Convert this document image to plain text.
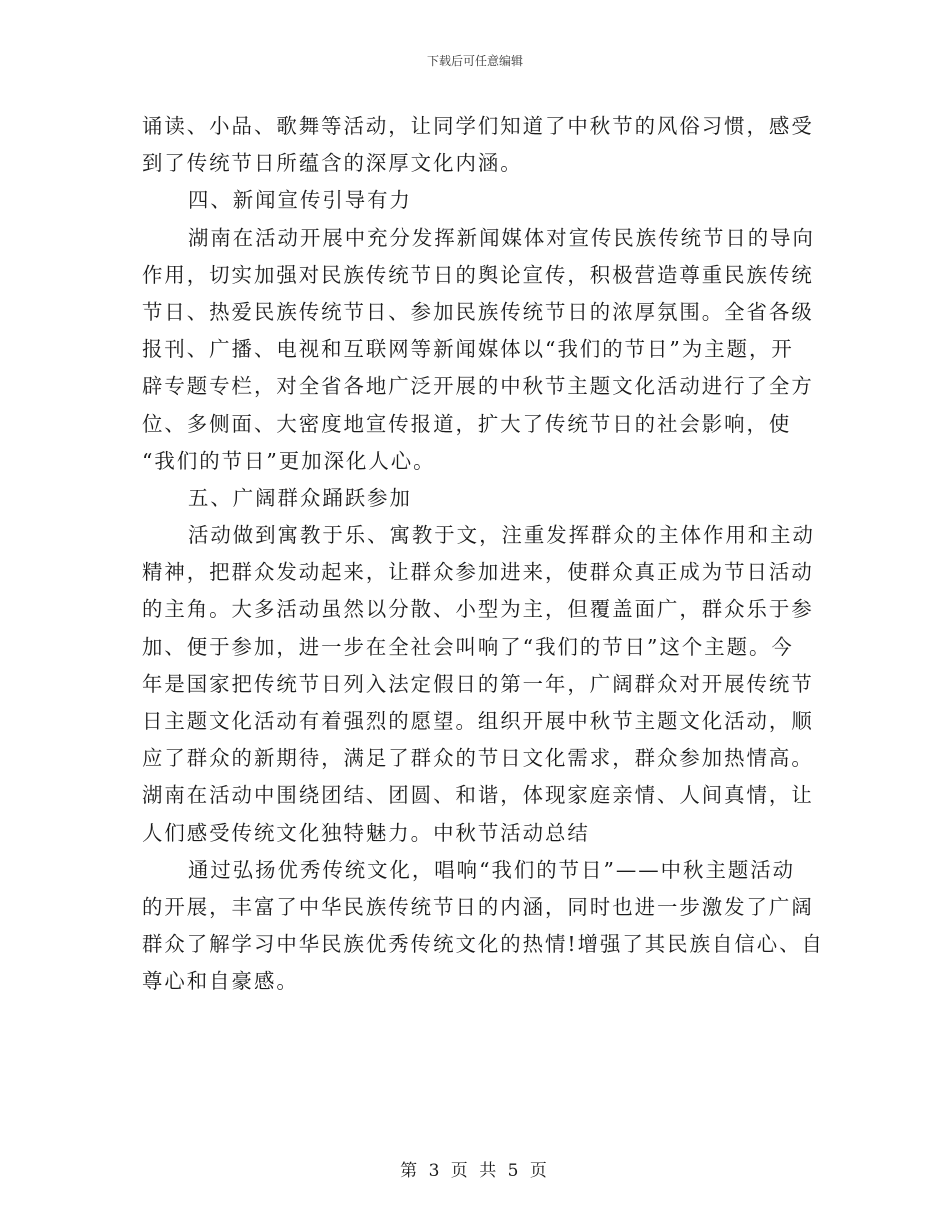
下载后可任意编辑
诵读、小品、歌舞等活动，让同学们知道了中秋节的风俗习惯，感受
到了传统节日所蕴含的深厚文化内涵。
四、新闻宣传引导有力
湖南在活动开展中充分发挥新闻媒体对宣传民族传统节日的导向
作用，切实加强对民族传统节日的舆论宣传，积极营造尊重民族传统
节日、热爱民族传统节日、参加民族传统节日的浓厚氛围。全省各级
报刊、广播、电视和互联网等新闻媒体以“我们的节日”为主题，开
辟专题专栏，对全省各地广泛开展的中秋节主题文化活动进行了全方
位、多侧面、大密度地宣传报道，扩大了传统节日的社会影响，使
“我们的节日”更加深化人心。
五、广阔群众踊跃参加
活动做到寓教于乐、寓教于文，注重发挥群众的主体作用和主动
精神，把群众发动起来，让群众参加进来，使群众真正成为节日活动
的主角。大多活动虽然以分散、小型为主，但覆盖面广，群众乐于参
加、便于参加，进一步在全社会叫响了“我们的节日”这个主题。今
年是国家把传统节日列入法定假日的第一年，广阔群众对开展传统节
日主题文化活动有着强烈的愿望。组织开展中秋节主题文化活动，顺
应了群众的新期待，满足了群众的节日文化需求，群众参加热情高。
湖南在活动中围绕团结、团圆、和谐，体现家庭亲情、人间真情，让
人们感受传统文化独特魅力。中秋节活动总结
通过弘扬优秀传统文化，唱响“我们的节日”——中秋主题活动
的开展，丰富了中华民族传统节日的内涵，同时也进一步激发了广阔
群众了解学习中华民族优秀传统文化的热情!增强了其民族自信心、自
尊心和自豪感。
第 3 页 共 5 页
